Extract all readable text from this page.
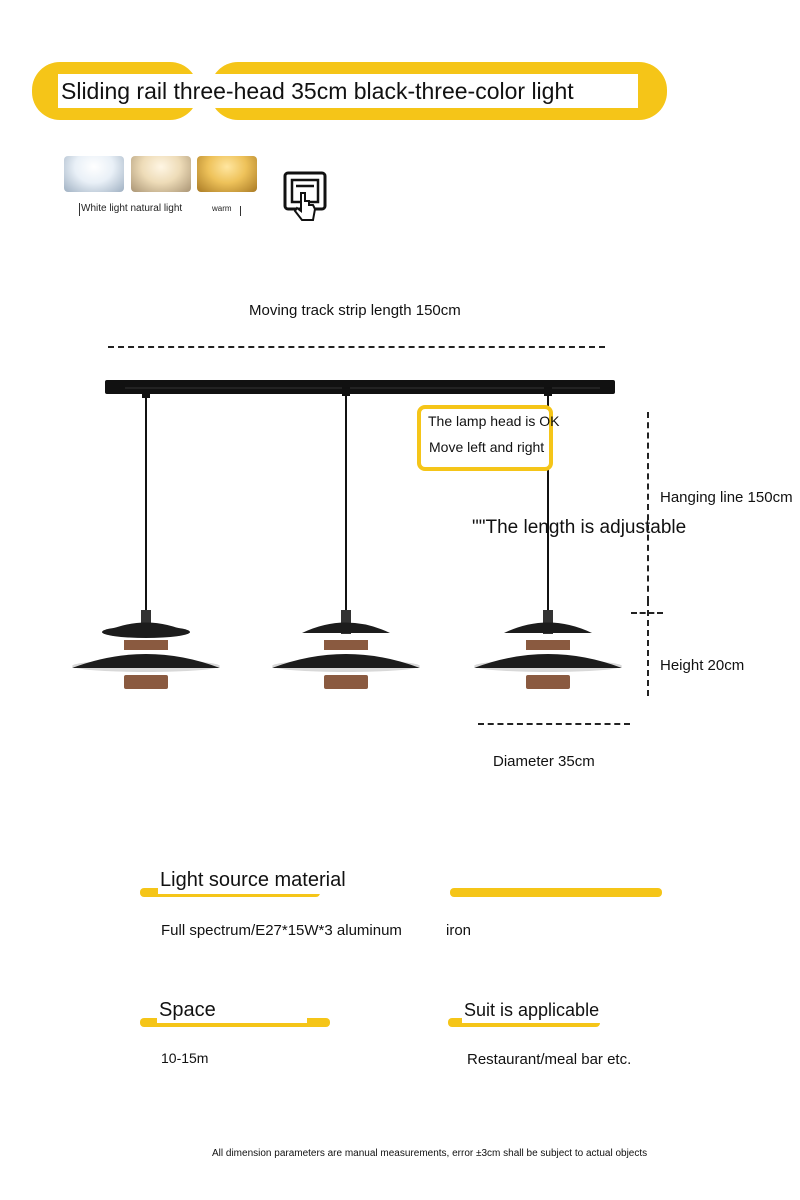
Sliding rail three-head 35cm black-three-color light
White light natural light	warm
Moving track strip length 150cm
The lamp head is OK
Move left and right
Hanging line 150cm
""The length is adjustable
Height 20cm
Diameter 35cm
Light source material
Full spectrum/E27*15W*3 aluminum	iron
Space
10-15m
Suit is applicable
Restaurant/meal bar etc.
All dimension parameters are manual measurements, error ±3cm shall be subject to actual objects
